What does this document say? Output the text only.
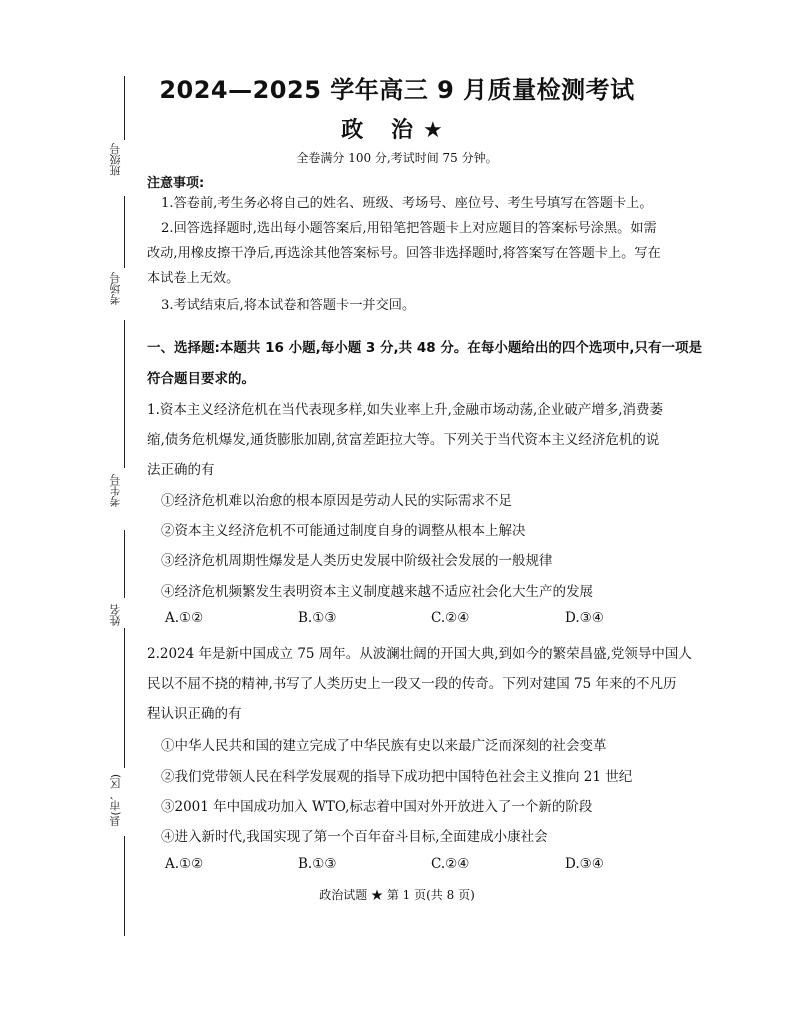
班级号
考场号
考生号
姓名
县(市、区)
2024—2025 学年高三 9 月质量检测考试
政 治★
全卷满分 100 分,考试时间 75 分钟。
注意事项:
1.答卷前,考生务必将自己的姓名、班级、考场号、座位号、考生号填写在答题卡上。
2.回答选择题时,选出每小题答案后,用铅笔把答题卡上对应题目的答案标号涂黑。如需
改动,用橡皮擦干净后,再选涂其他答案标号。回答非选择题时,将答案写在答题卡上。写在
本试卷上无效。
3.考试结束后,将本试卷和答题卡一并交回。
一、选择题:本题共 16 小题,每小题 3 分,共 48 分。在每小题给出的四个选项中,只有一项是
符合题目要求的。
1.资本主义经济危机在当代表现多样,如失业率上升,金融市场动荡,企业破产增多,消费萎
缩,债务危机爆发,通货膨胀加剧,贫富差距拉大等。下列关于当代资本主义经济危机的说
法正确的有
①经济危机难以治愈的根本原因是劳动人民的实际需求不足
②资本主义经济危机不可能通过制度自身的调整从根本上解决
③经济危机周期性爆发是人类历史发展中阶级社会发展的一般规律
④经济危机频繁发生表明资本主义制度越来越不适应社会化大生产的发展
A.①②	B.①③	C.②④	D.③④
2.2024 年是新中国成立 75 周年。从波澜壮阔的开国大典,到如今的繁荣昌盛,党领导中国人
民以不屈不挠的精神,书写了人类历史上一段又一段的传奇。下列对建国 75 年来的不凡历
程认识正确的有
①中华人民共和国的建立完成了中华民族有史以来最广泛而深刻的社会变革
②我们党带领人民在科学发展观的指导下成功把中国特色社会主义推向 21 世纪
③2001 年中国成功加入 WTO,标志着中国对外开放进入了一个新的阶段
④进入新时代,我国实现了第一个百年奋斗目标,全面建成小康社会
A.①②	B.①③	C.②④	D.③④
政治试题 ★ 第 1 页(共 8 页)
